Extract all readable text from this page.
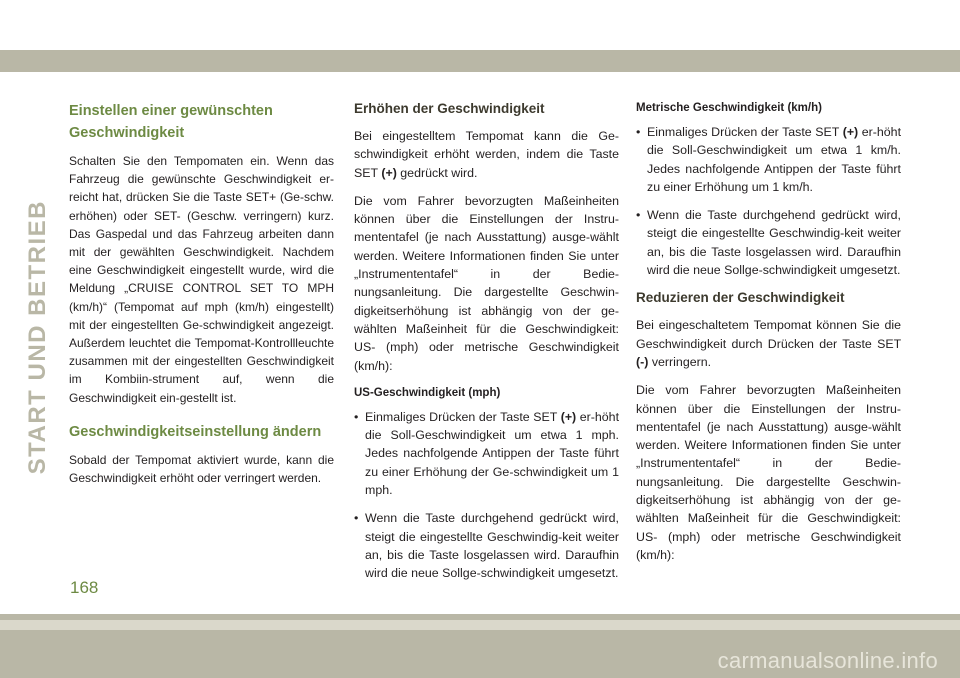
START UND BETRIEB
Einstellen einer gewünschten Geschwindigkeit

Schalten Sie den Tempomaten ein. Wenn das Fahrzeug die gewünschte Geschwindigkeit er-reicht hat, drücken Sie die Taste SET+ (Ge-schw. erhöhen) oder SET- (Geschw. verringern) kurz. Das Gaspedal und das Fahrzeug arbeiten dann mit der gewählten Geschwindigkeit. Nachdem eine Geschwindigkeit eingestellt wurde, wird die Meldung „CRUISE CONTROL SET TO MPH (km/h)“ (Tempomat auf mph (km/h) eingestellt) mit der eingestellten Ge-schwindigkeit angezeigt. Außerdem leuchtet die Tempomat-Kontrollleuchte zusammen mit der eingestellten Geschwindigkeit im Kombiin-strument auf, wenn die Geschwindigkeit ein-gestellt ist.

Geschwindigkeitseinstellung ändern

Sobald der Tempomat aktiviert wurde, kann die Geschwindigkeit erhöht oder verringert werden.

Erhöhen der Geschwindigkeit

Bei eingestelltem Tempomat kann die Ge-schwindigkeit erhöht werden, indem die Taste SET (+) gedrückt wird.

Die vom Fahrer bevorzugten Maßeinheiten können über die Einstellungen der Instru-mententafel (je nach Ausstattung) ausge-wählt werden. Weitere Informationen finden Sie unter „Instrumententafel“ in der Bedie-nungsanleitung. Die dargestellte Geschwin-digkeitserhöhung ist abhängig von der ge-wählten Maßeinheit für die Geschwindigkeit: US- (mph) oder metrische Geschwindigkeit (km/h):

US-Geschwindigkeit (mph)
• Einmaliges Drücken der Taste SET (+) er-höht die Soll-Geschwindigkeit um etwa 1 mph. Jedes nachfolgende Antippen der Taste führt zu einer Erhöhung der Ge-schwindigkeit um 1 mph.
• Wenn die Taste durchgehend gedrückt wird, steigt die eingestellte Geschwindig-keit weiter an, bis die Taste losgelassen wird. Daraufhin wird die neue Sollge-schwindigkeit umgesetzt.
Metrische Geschwindigkeit (km/h)
• Einmaliges Drücken der Taste SET (+) er-höht die Soll-Geschwindigkeit um etwa 1 km/h. Jedes nachfolgende Antippen der Taste führt zu einer Erhöhung um 1 km/h.
• Wenn die Taste durchgehend gedrückt wird, steigt die eingestellte Geschwindig-keit weiter an, bis die Taste losgelassen wird. Daraufhin wird die neue Sollge-schwindigkeit umgesetzt.
Reduzieren der Geschwindigkeit

Bei eingeschaltetem Tempomat können Sie die Geschwindigkeit durch Drücken der Taste SET (-) verringern.

Die vom Fahrer bevorzugten Maßeinheiten können über die Einstellungen der Instru-mententafel (je nach Ausstattung) ausge-wählt werden. Weitere Informationen finden Sie unter „Instrumententafel“ in der Bedie-nungsanleitung. Die dargestellte Geschwin-digkeitserhöhung ist abhängig von der ge-wählten Maßeinheit für die Geschwindigkeit: US- (mph) oder metrische Geschwindigkeit (km/h):

168
carmanualsonline.info
